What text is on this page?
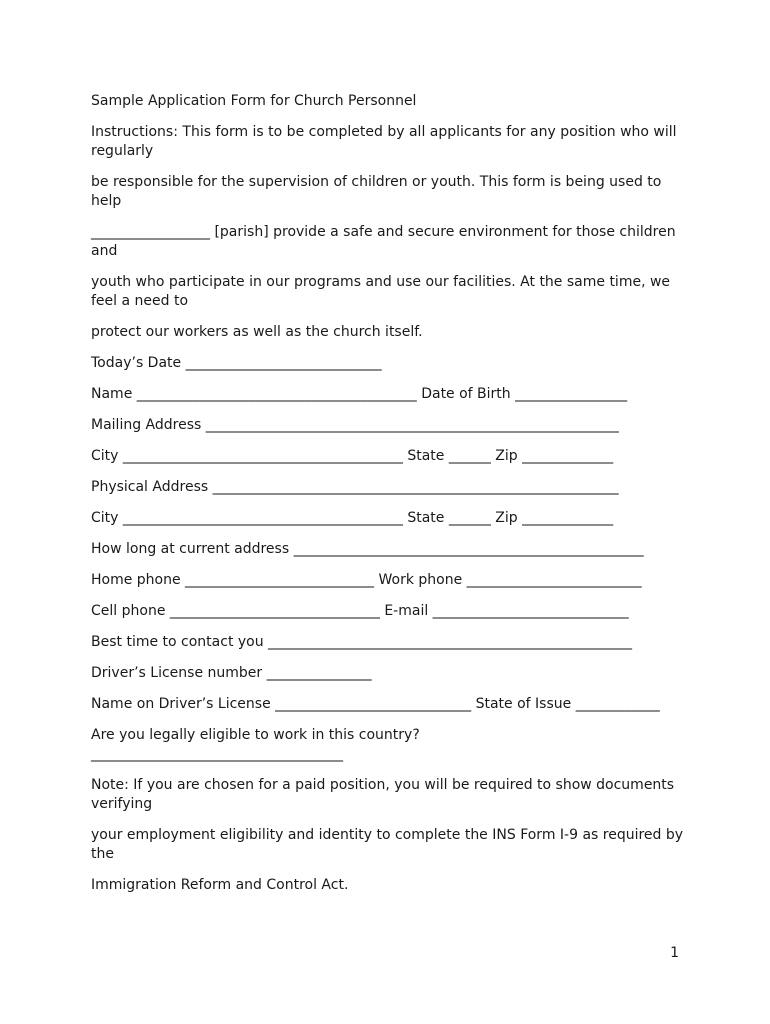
Sample Application Form for Church Personnel

Instructions: This form is to be completed by all applicants for any position who will
regularly

be responsible for the supervision of children or youth. This form is being used to
help

_________________ [parish] provide a safe and secure environment for those children
and

youth who participate in our programs and use our facilities. At the same time, we
feel a need to

protect our workers as well as the church itself.

Today’s Date ____________________________

Name ________________________________________ Date of Birth ________________

Mailing Address ___________________________________________________________

City ________________________________________ State ______ Zip _____________

Physical Address __________________________________________________________

City ________________________________________ State ______ Zip _____________

How long at current address __________________________________________________

Home phone ___________________________ Work phone _________________________

Cell phone ______________________________ E-mail ____________________________

Best time to contact you ____________________________________________________

Driver’s License number _______________

Name on Driver’s License ____________________________ State of Issue ____________

Are you legally eligible to work in this country?
____________________________________

Note: If you are chosen for a paid position, you will be required to show documents
verifying

your employment eligibility and identity to complete the INS Form I-9 as required by
the

Immigration Reform and Control Act.

1
